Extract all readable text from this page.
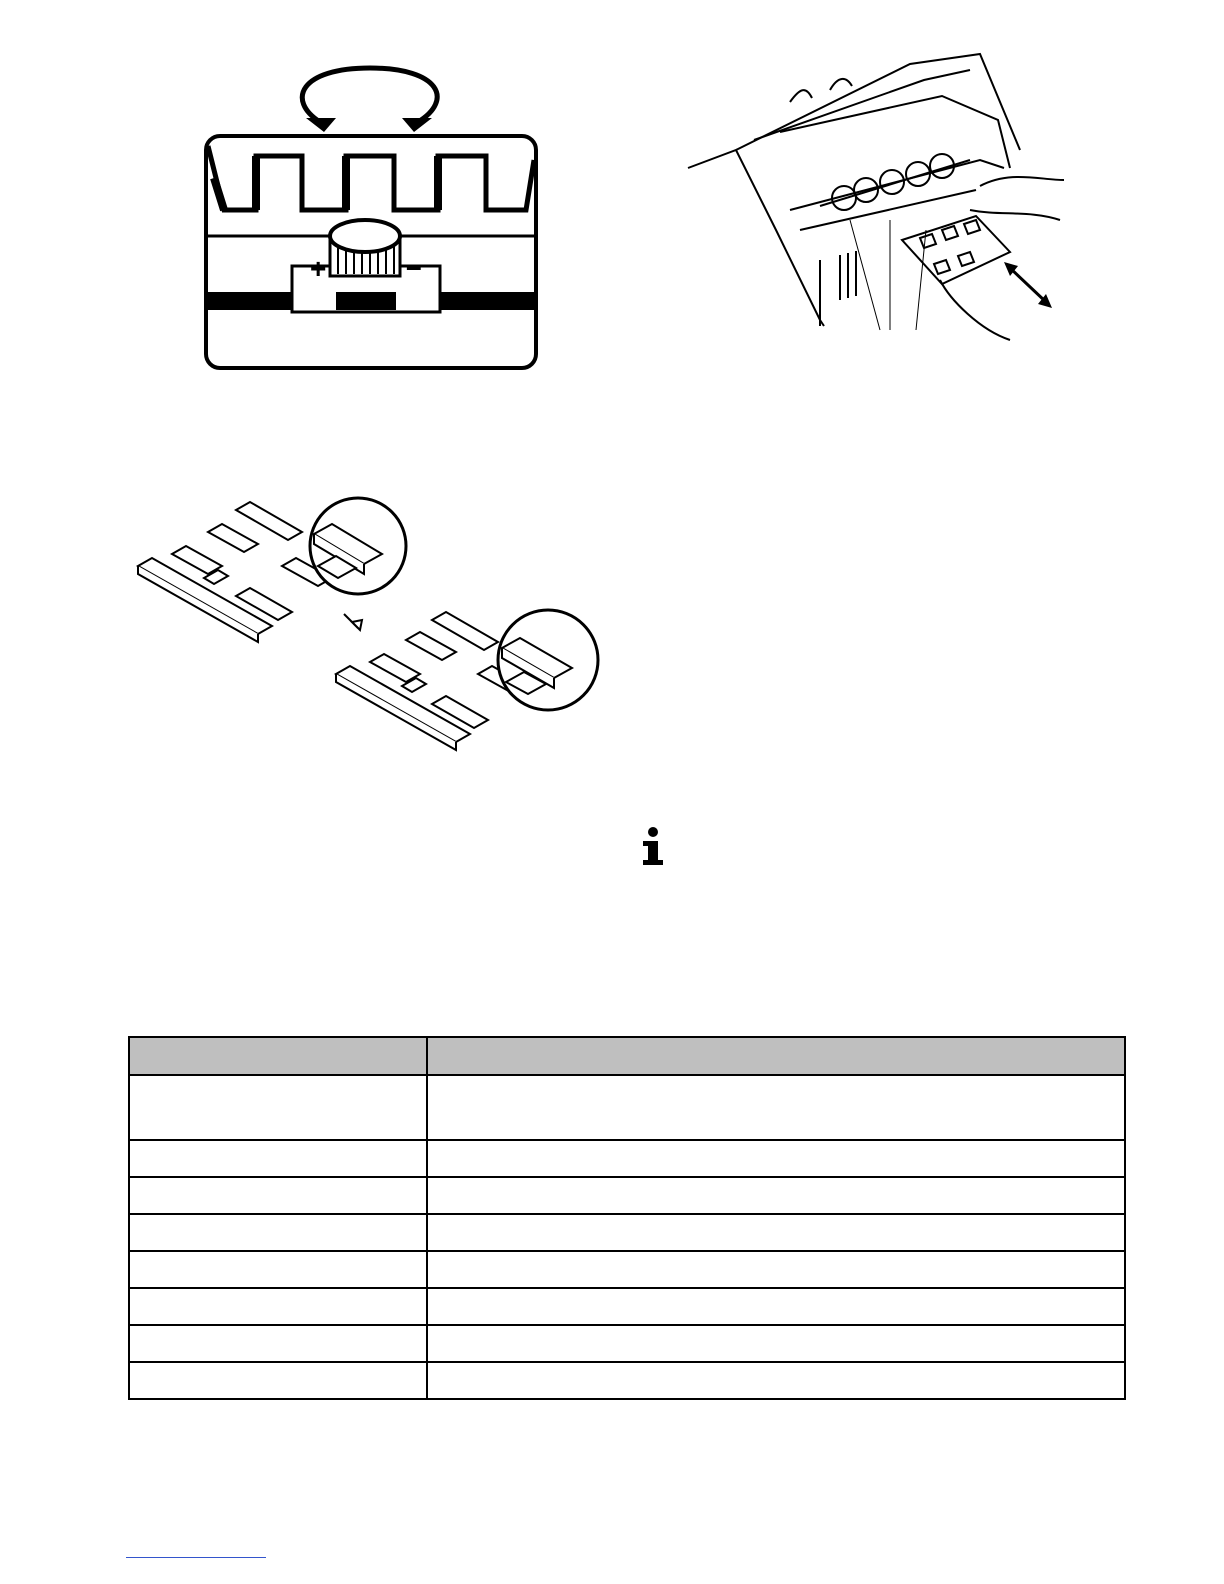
+	–
